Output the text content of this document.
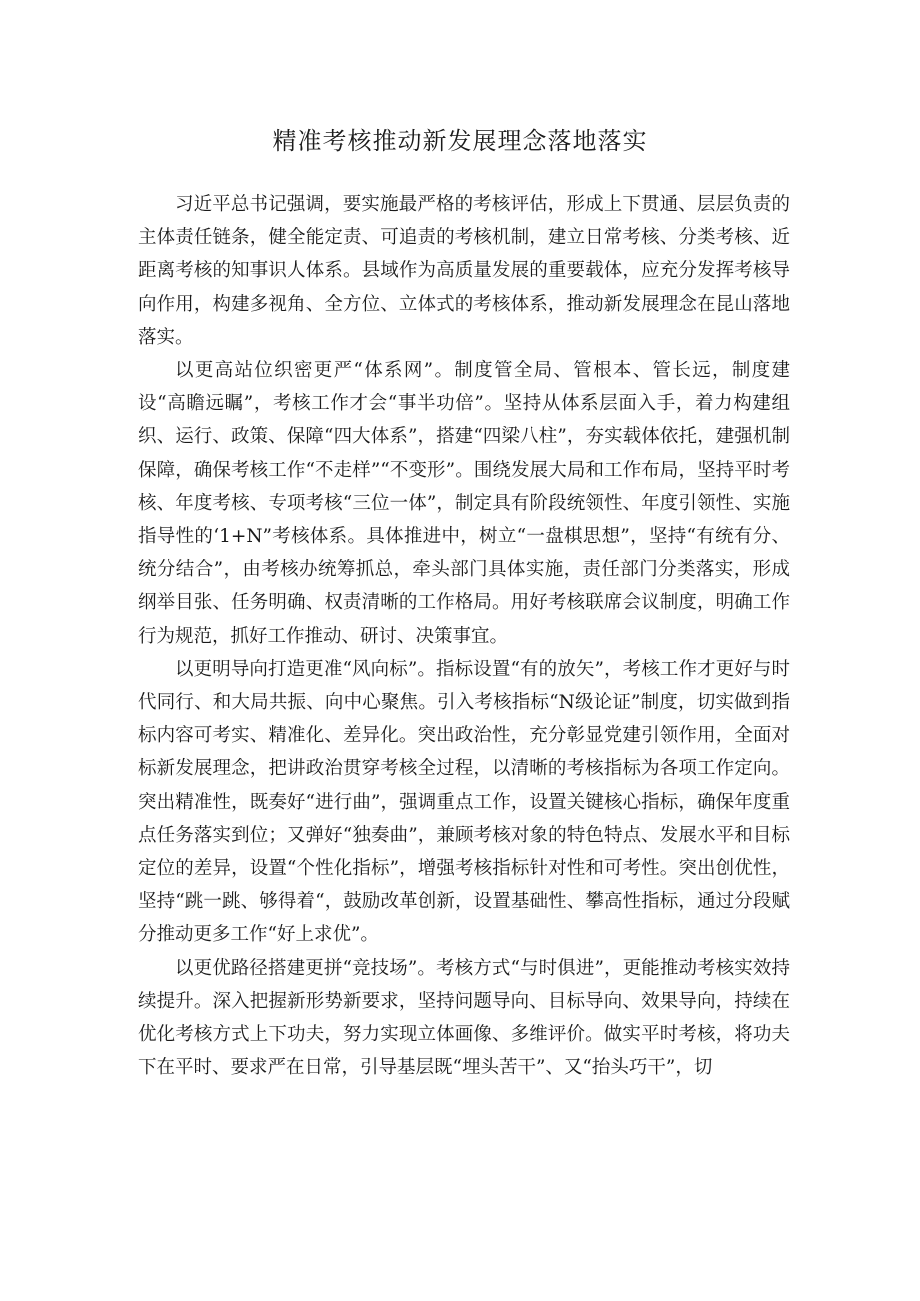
精准考核推动新发展理念落地落实

习近平总书记强调，要实施最严格的考核评估，形成上下贯通、层层负责的主体责任链条，健全能定责、可追责的考核机制，建立日常考核、分类考核、近距离考核的知事识人体系。县域作为高质量发展的重要载体，应充分发挥考核导向作用，构建多视角、全方位、立体式的考核体系，推动新发展理念在昆山落地落实。

以更高站位织密更严“体系网”。制度管全局、管根本、管长远，制度建设“高瞻远瞩”，考核工作才会“事半功倍”。坚持从体系层面入手，着力构建组织、运行、政策、保障“四大体系”，搭建“四梁八柱”，夯实载体依托，建强机制保障，确保考核工作“不走样”“不变形”。围绕发展大局和工作布局，坚持平时考核、年度考核、专项考核“三位一体”，制定具有阶段统领性、年度引领性、实施指导性的‘1+N”考核体系。具体推进中，树立“一盘棋思想”，坚持“有统有分、统分结合”，由考核办统筹抓总，牵头部门具体实施，责任部门分类落实，形成纲举目张、任务明确、权责清晰的工作格局。用好考核联席会议制度，明确工作行为规范，抓好工作推动、研讨、决策事宜。

以更明导向打造更准“风向标”。指标设置“有的放矢”，考核工作才更好与时代同行、和大局共振、向中心聚焦。引入考核指标“N级论证”制度，切实做到指标内容可考实、精准化、差异化。突出政治性，充分彰显党建引领作用，全面对标新发展理念，把讲政治贯穿考核全过程，以清晰的考核指标为各项工作定向。突出精准性，既奏好“进行曲”，强调重点工作，设置关键核心指标，确保年度重点任务落实到位；又弹好“独奏曲”，兼顾考核对象的特色特点、发展水平和目标定位的差异，设置“个性化指标”，增强考核指标针对性和可考性。突出创优性，坚持“跳一跳、够得着“，鼓励改革创新，设置基础性、攀高性指标，通过分段赋分推动更多工作“好上求优”。

以更优路径搭建更拼“竞技场”。考核方式“与时俱进”，更能推动考核实效持续提升。深入把握新形势新要求，坚持问题导向、目标导向、效果导向，持续在优化考核方式上下功夫，努力实现立体画像、多维评价。做实平时考核，将功夫下在平时、要求严在日常，引导基层既“埋头苦干”、又“抬头巧干”，切
